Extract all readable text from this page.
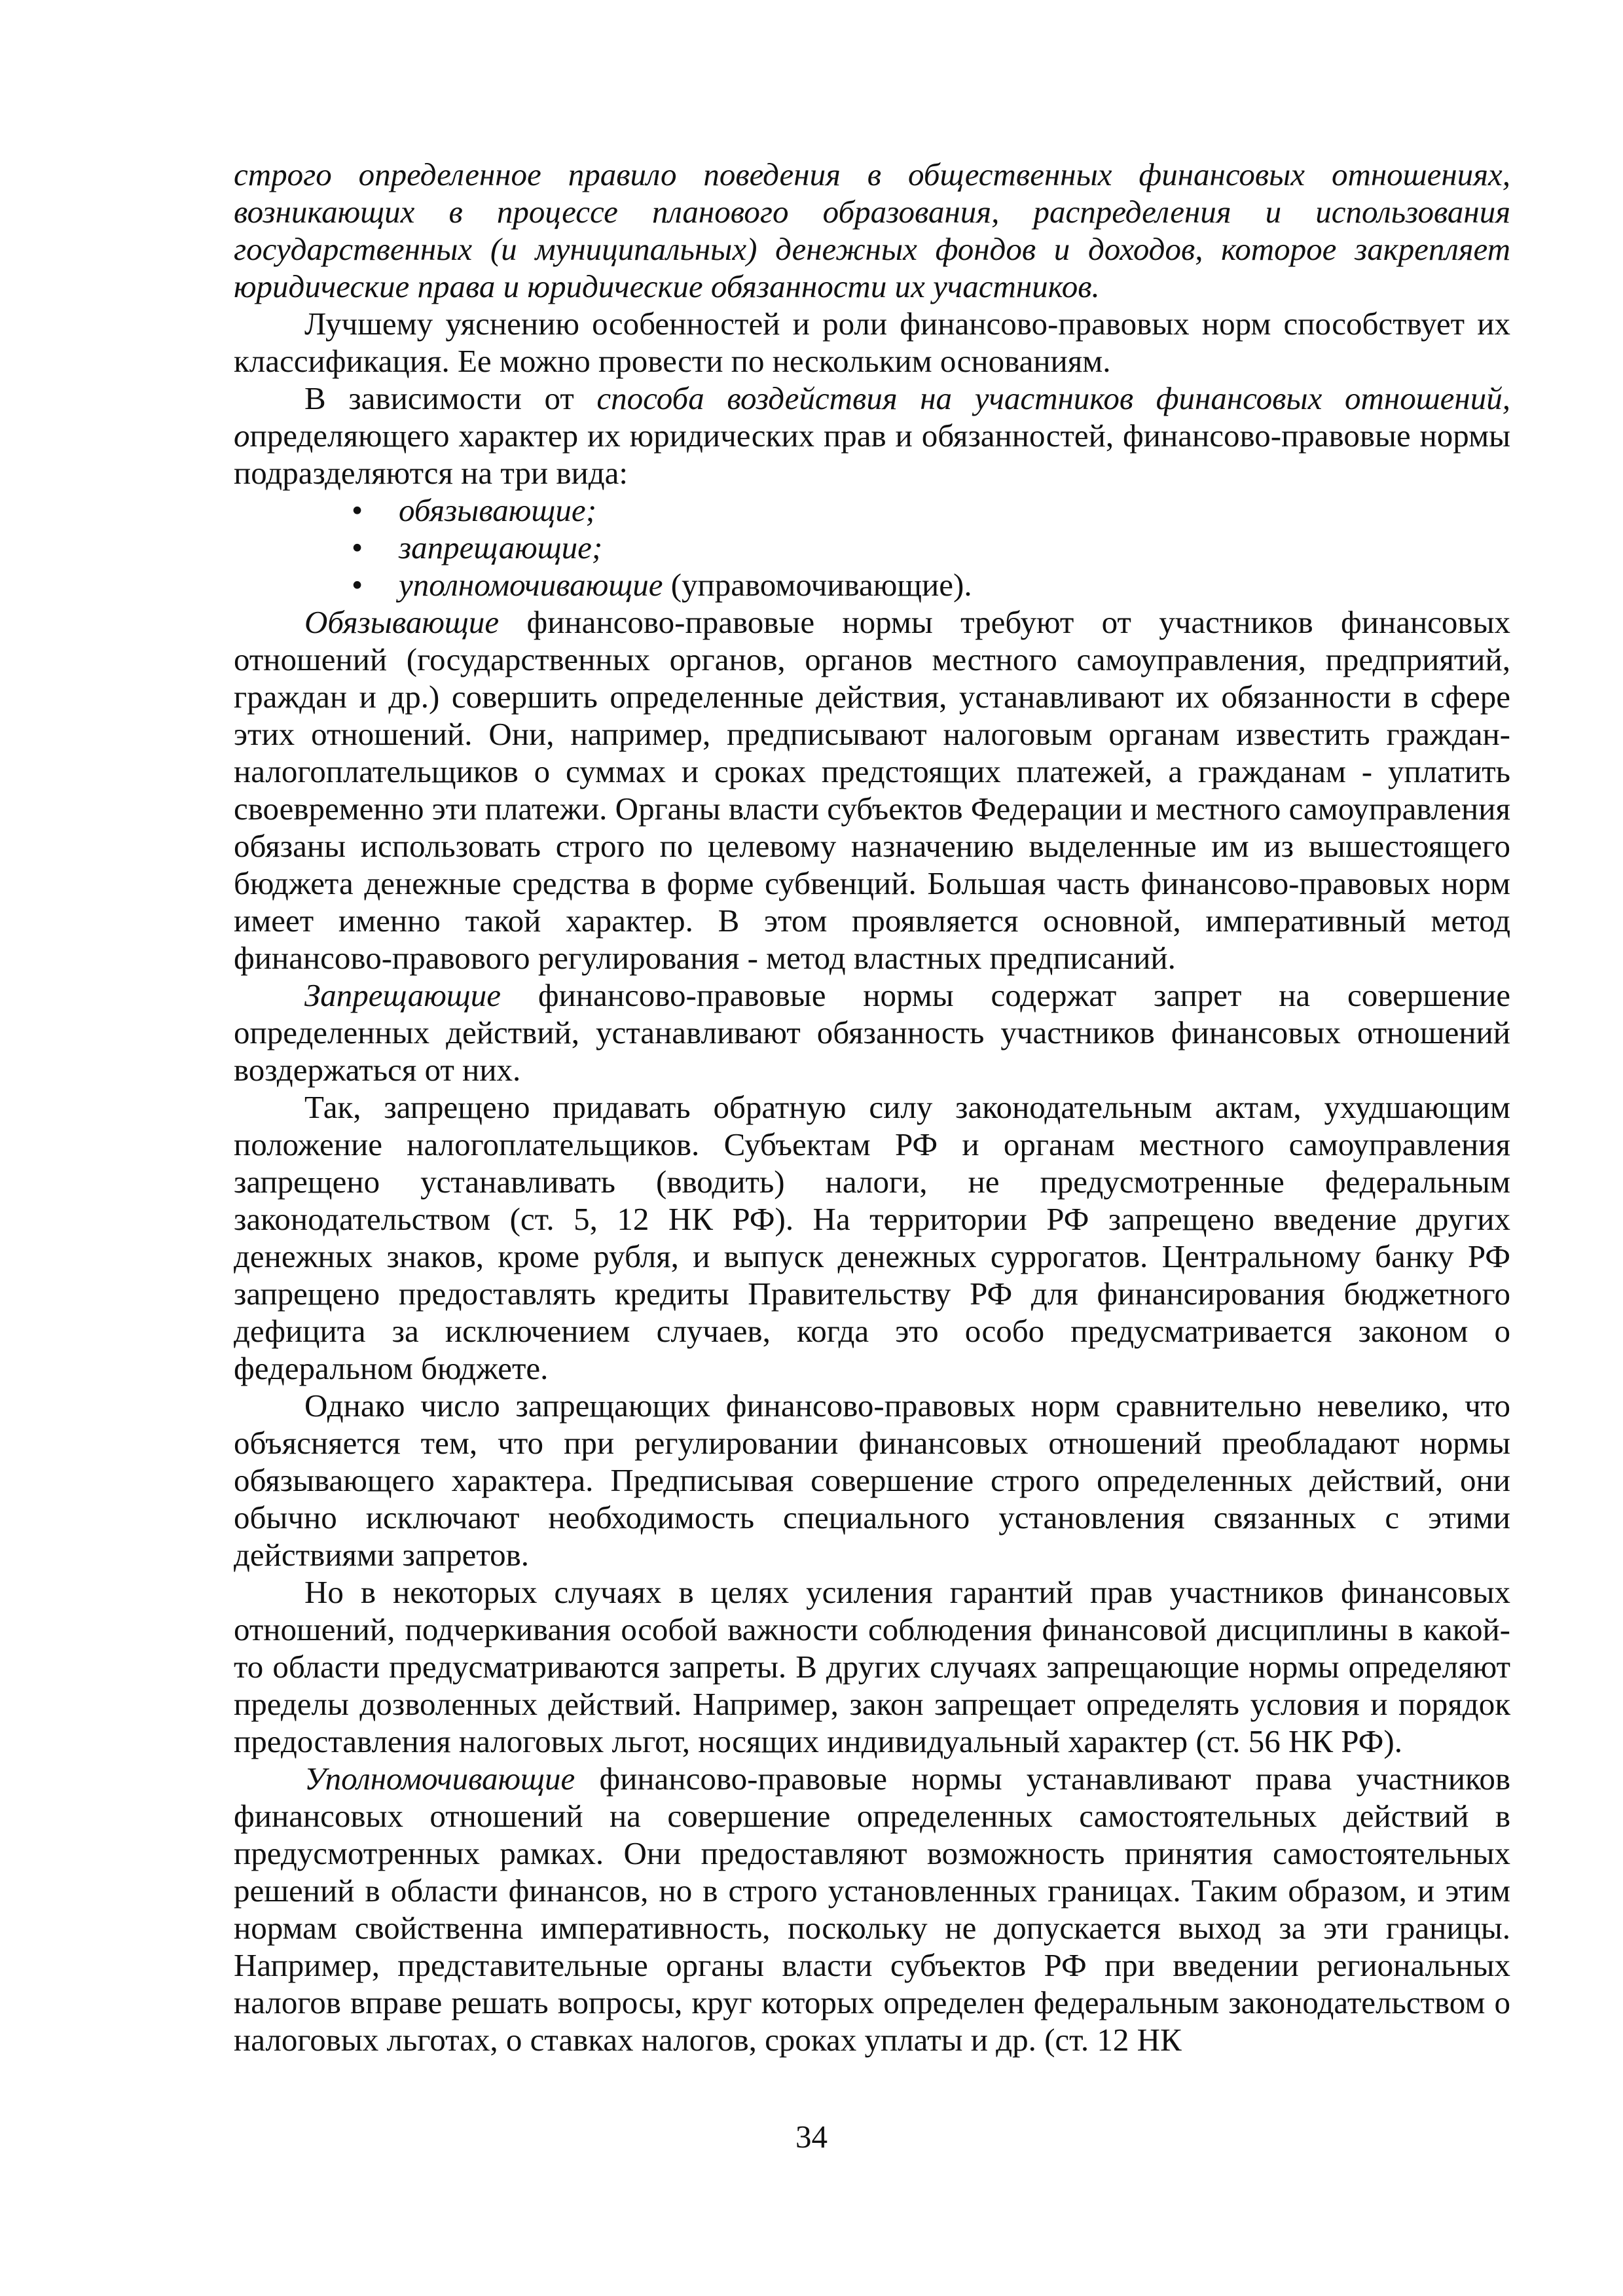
строго определенное правило поведения в общественных финансовых отношениях, возникающих в процессе планового образования, распределения и использования государственных (и муниципальных) денежных фондов и доходов, которое закрепляет юридические права и юридические обязанности их участников.

Лучшему уяснению особенностей и роли финансово-правовых норм способствует их классификация. Ее можно провести по нескольким основаниям.

В зависимости от способа воздействия на участников финансовых отношений, определяющего характер их юридических прав и обязанностей, финансово-правовые нормы подразделяются на три вида:

•	обязывающие;
•	запрещающие;
•	уполномочивающие (управомочивающие).

Обязывающие финансово-правовые нормы требуют от участников финансовых отношений (государственных органов, органов местного самоуправления, предприятий, граждан и др.) совершить определенные действия, устанавливают их обязанности в сфере этих отношений. Они, например, предписывают налоговым органам известить граждан-налогоплательщиков о суммах и сроках предстоящих платежей, а гражданам - уплатить своевременно эти платежи. Органы власти субъектов Федерации и местного самоуправления обязаны использовать строго по целевому назначению выделенные им из вышестоящего бюджета денежные средства в форме субвенций. Большая часть финансово-правовых норм имеет именно такой характер. В этом проявляется основной, императивный метод финансово-правового регулирования - метод властных предписаний.

Запрещающие финансово-правовые нормы содержат запрет на совершение определенных действий, устанавливают обязанность участников финансовых отношений воздержаться от них.

Так, запрещено придавать обратную силу законодательным актам, ухудшающим положение налогоплательщиков. Субъектам РФ и органам местного самоуправления запрещено устанавливать (вводить) налоги, не предусмотренные федеральным законодательством (ст. 5, 12 НК РФ). На территории РФ запрещено введение других денежных знаков, кроме рубля, и выпуск денежных суррогатов. Центральному банку РФ запрещено предоставлять кредиты Правительству РФ для финансирования бюджетного дефицита за исключением случаев, когда это особо предусматривается законом о федеральном бюджете.

Однако число запрещающих финансово-правовых норм сравнительно невелико, что объясняется тем, что при регулировании финансовых отношений преобладают нормы обязывающего характера. Предписывая совершение строго определенных действий, они обычно исключают необходимость специального установления связанных с этими действиями запретов.

Но в некоторых случаях в целях усиления гарантий прав участников финансовых отношений, подчеркивания особой важности соблюдения финансовой дисциплины в какой-то области предусматриваются запреты. В других случаях запрещающие нормы определяют пределы дозволенных действий. Например, закон запрещает определять условия и порядок предоставления налоговых льгот, носящих индивидуальный характер (ст. 56 НК РФ).

Уполномочивающие финансово-правовые нормы устанавливают права участников финансовых отношений на совершение определенных самостоятельных действий в предусмотренных рамках. Они предоставляют возможность принятия самостоятельных решений в области финансов, но в строго установленных границах. Таким образом, и этим нормам свойственна императивность, поскольку не допускается выход за эти границы. Например, представительные органы власти субъектов РФ при введении региональных налогов вправе решать вопросы, круг которых определен федеральным законодательством о налоговых льготах, о ставках налогов, сроках уплаты и др. (ст. 12 НК

34
